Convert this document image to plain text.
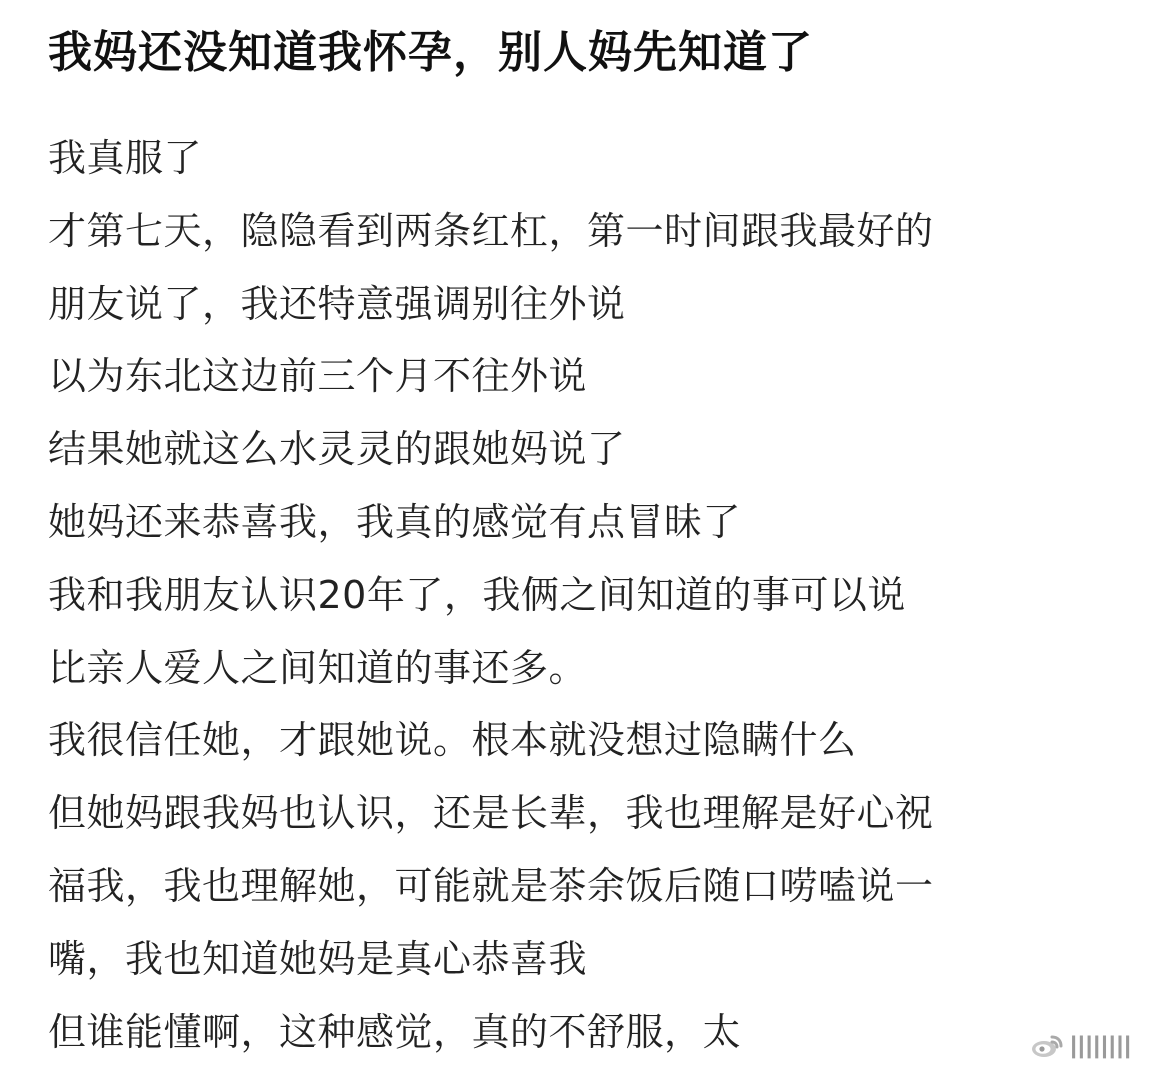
我妈还没知道我怀孕，别人妈先知道了

我真服了

才第七天，隐隐看到两条红杠，第一时间跟我最好的

朋友说了，我还特意强调别往外说

以为东北这边前三个月不往外说

结果她就这么水灵灵的跟她妈说了

她妈还来恭喜我，我真的感觉有点冒昧了

我和我朋友认识20年了，我俩之间知道的事可以说

比亲人爱人之间知道的事还多。

我很信任她，才跟她说。根本就没想过隐瞒什么

但她妈跟我妈也认识，还是长辈，我也理解是好心祝

福我，我也理解她，可能就是茶余饭后随口唠嗑说一

嘴，我也知道她妈是真心恭喜我

但谁能懂啊，这种感觉，真的不舒服，太	||||||||
